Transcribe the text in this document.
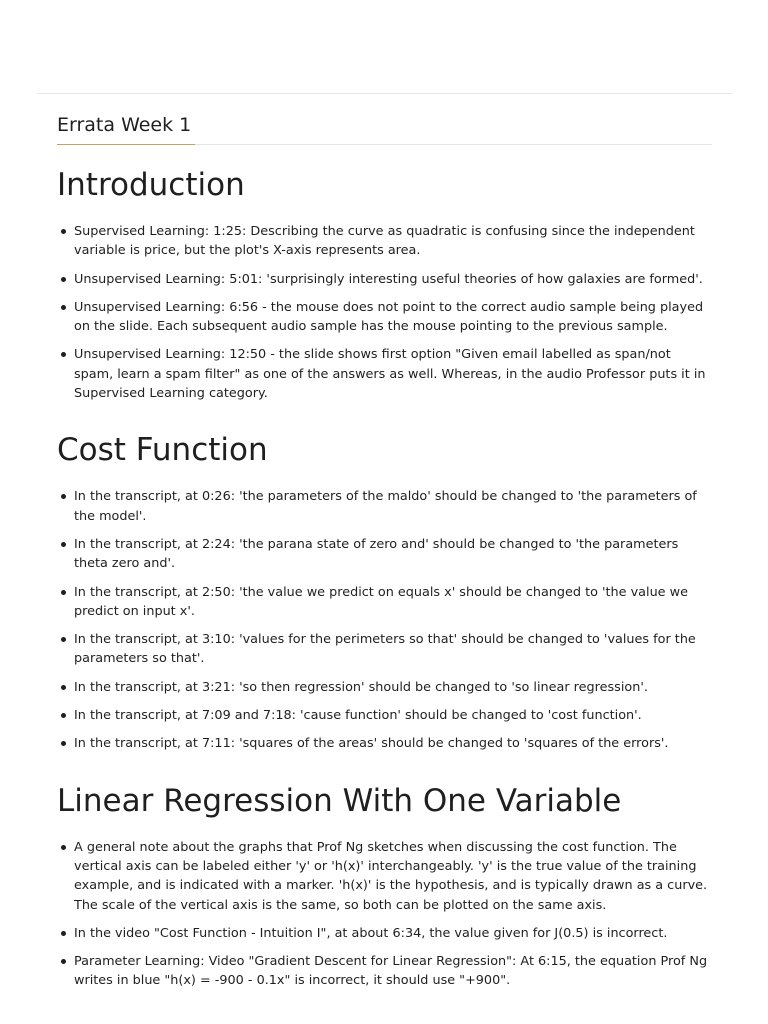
Errata Week 1
Introduction
Supervised Learning: 1:25: Describing the curve as quadratic is confusing since the independent variable is price, but the plot's X-axis represents area.
Unsupervised Learning: 5:01: 'surprisingly interesting useful theories of how galaxies are formed'.
Unsupervised Learning: 6:56 - the mouse does not point to the correct audio sample being played on the slide. Each subsequent audio sample has the mouse pointing to the previous sample.
Unsupervised Learning: 12:50 - the slide shows first option "Given email labelled as span/not spam, learn a spam filter" as one of the answers as well. Whereas, in the audio Professor puts it in Supervised Learning category.
Cost Function
In the transcript, at 0:26: 'the parameters of the maldo' should be changed to 'the parameters of the model'.
In the transcript, at 2:24: 'the parana state of zero and' should be changed to 'the parameters theta zero and'.
In the transcript, at 2:50: 'the value we predict on equals x' should be changed to 'the value we predict on input x'.
In the transcript, at 3:10: 'values for the perimeters so that' should be changed to 'values for the parameters so that'.
In the transcript, at 3:21: 'so then regression' should be changed to 'so linear regression'.
In the transcript, at 7:09 and 7:18: 'cause function' should be changed to 'cost function'.
In the transcript, at 7:11: 'squares of the areas' should be changed to 'squares of the errors'.
Linear Regression With One Variable
A general note about the graphs that Prof Ng sketches when discussing the cost function. The vertical axis can be labeled either 'y' or 'h(x)' interchangeably. 'y' is the true value of the training example, and is indicated with a marker. 'h(x)' is the hypothesis, and is typically drawn as a curve. The scale of the vertical axis is the same, so both can be plotted on the same axis.
In the video "Cost Function - Intuition I", at about 6:34, the value given for J(0.5) is incorrect.
Parameter Learning: Video "Gradient Descent for Linear Regression": At 6:15, the equation Prof Ng writes in blue "h(x) = -900 - 0.1x" is incorrect, it should use "+900".
